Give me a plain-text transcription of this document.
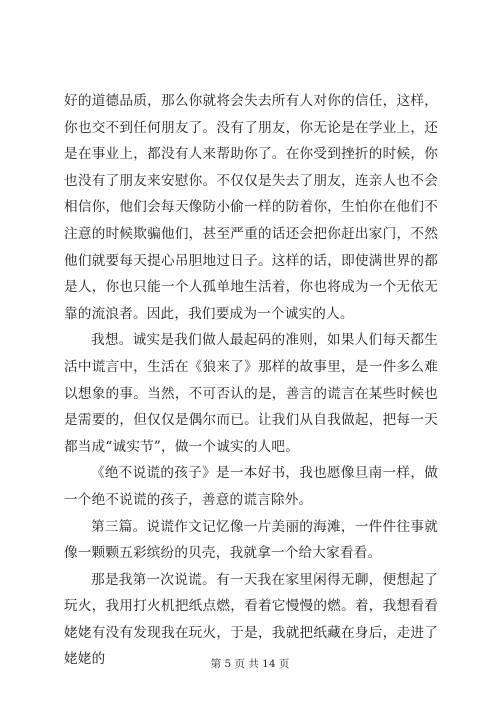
好的道德品质，那么你就将会失去所有人对你的信任，这样，你也交不到任何朋友了。没有了朋友，你无论是在学业上，还是在事业上，都没有人来帮助你了。在你受到挫折的时候，你也没有了朋友来安慰你。不仅仅是失去了朋友，连亲人也不会相信你，他们会每天像防小偷一样的防着你，生怕你在他们不注意的时候欺骗他们，甚至严重的话还会把你赶出家门，不然他们就要每天提心吊胆地过日子。这样的话，即使满世界的都是人，你也只能一个人孤单地生活着，你也将成为一个无依无靠的流浪者。因此，我们要成为一个诚实的人。

我想。诚实是我们做人最起码的准则，如果人们每天都生活中谎言中，生活在《狼来了》那样的故事里，是一件多么难以想象的事。当然，不可否认的是，善言的谎言在某些时候也是需要的，但仅仅是偶尔而已。让我们从自我做起，把每一天都当成“诚实节”，做一个诚实的人吧。

《绝不说谎的孩子》是一本好书，我也愿像旦南一样，做一个绝不说谎的孩子，善意的谎言除外。

第三篇。说谎作文记忆像一片美丽的海滩，一件件往事就像一颗颗五彩缤纷的贝壳，我就拿一个给大家看看。

那是我第一次说谎。有一天我在家里闲得无聊，便想起了玩火，我用打火机把纸点燃，看着它慢慢的燃。着，我想看看姥姥有没有发现我在玩火，于是，我就把纸藏在身后，走进了姥姥的	第 5 页 共 14 页
